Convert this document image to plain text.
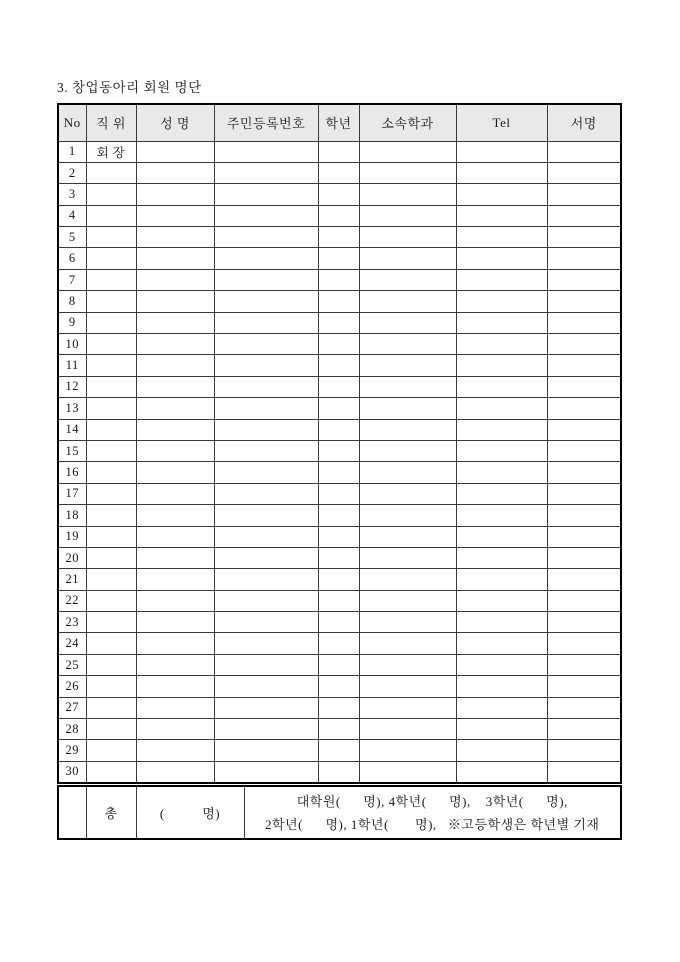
3. 창업동아리 회원 명단
No	직 위	성 명	주민등록번호	학년	소속학과	Tel	서명
1	회 장						
2							
3							
4							
5							
6							
7							
8							
9							
10							
11							
12							
13							
14							
15							
16							
17							
18							
19							
20							
21							
22							
23							
24							
25							
26							
27							
28							
29							
30							
	총	(          명)	
대학원(      명), 4학년(      명),    3학년(      명),
2학년(      명), 1학년(       명),   ※고등학생은 학년별 기재
